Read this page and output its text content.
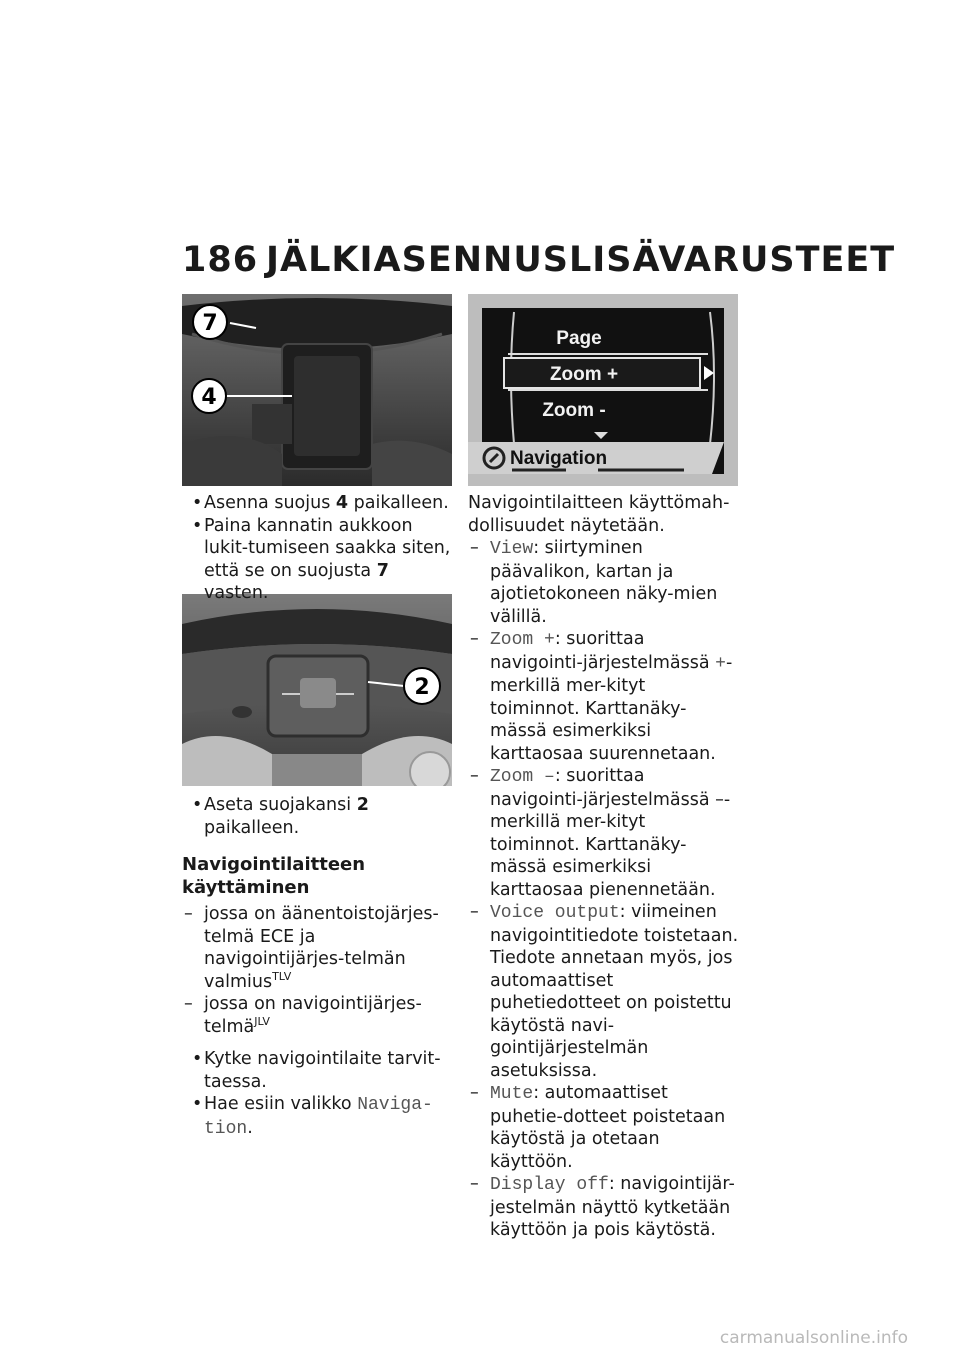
186 JÄLKIASENNUSLISÄVARUSTEET
7
4
Page
Zoom +
Zoom -
Navigation
2

• Asenna suojus 4 paikalleen.

• Paina kannatin aukkoon lukit-tumiseen saakka siten, että se on suojusta 7 vasten.

• Aseta suojakansi 2 paikalleen.

Navigointilaitteen käyttäminen

– jossa on äänentoistojärjes-telmä ECE ja navigointijärjes-telmän valmius$^{TLV}$

– jossa on navigointijärjes-telmä$^{JLV}$

• Kytke navigointilaite tarvit-taessa.

• Hae esiin valikko Naviga-tion.

Navigointilaitteen käyttömah-dollisuudet näytetään.

– View: siirtyminen päävalikon, kartan ja ajotietokoneen näky-mien välillä.

– Zoom +: suorittaa navigointi-järjestelmässä +-merkillä mer-kityt toiminnot. Karttanäky-mässä esimerkiksi karttaosaa suurennetaan.

– Zoom –: suorittaa navigointi-järjestelmässä –-merkillä mer-kityt toiminnot. Karttanäky-mässä esimerkiksi karttaosaa pienennetään.

– Voice output: viimeinen navigointitiedote toistetaan. Tiedote annetaan myös, jos automaattiset puhetiedotteet on poistettu käytöstä navi-gointijärjestelmän asetuksissa.

– Mute: automaattiset puhetie-dotteet poistetaan käytöstä ja otetaan käyttöön.

– Display off: navigointijär-jestelmän näyttö kytketään käyttöön ja pois käytöstä.

carmanualsonline.info
